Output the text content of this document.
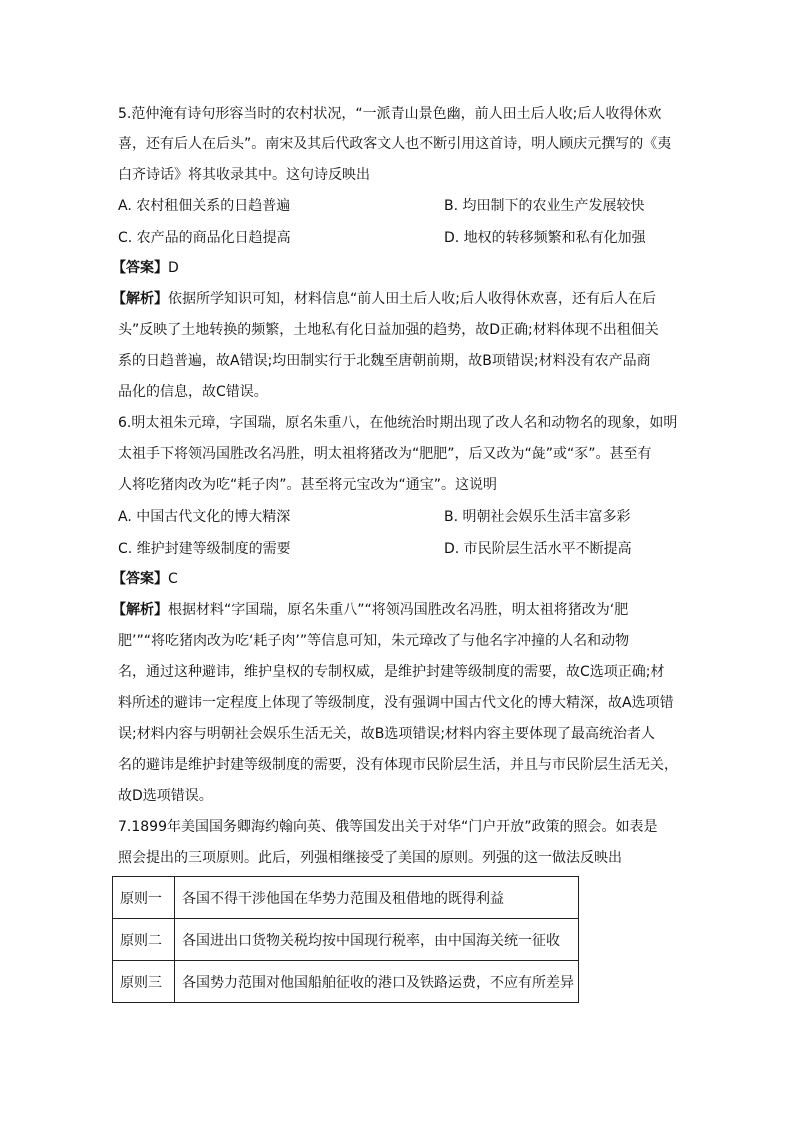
5.范仲淹有诗句形容当时的农村状况，“一派青山景色幽，前人田土后人收;后人收得休欢
喜，还有后人在后头”。南宋及其后代政客文人也不断引用这首诗，明人顾庆元撰写的《夷
白齐诗话》将其收录其中。这句诗反映出
A. 农村租佃关系的日趋普遍	B. 均田制下的农业生产发展较快
C. 农产品的商品化日趋提高	D. 地权的转移频繁和私有化加强
【答案】D
【解析】依据所学知识可知，材料信息“前人田土后人收;后人收得休欢喜，还有后人在后
头”反映了土地转换的频繁，土地私有化日益加强的趋势，故D正确;材料体现不出租佃关
系的日趋普遍，故A错误;均田制实行于北魏至唐朝前期，故B项错误;材料没有农产品商
品化的信息，故C错误。
6.明太祖朱元璋，字国瑞，原名朱重八，在他统治时期出现了改人名和动物名的现象，如明
太祖手下将领冯国胜改名冯胜，明太祖将猪改为“肥肥”，后又改为“彘”或“豕”。甚至有
人将吃猪肉改为吃“耗子肉”。甚至将元宝改为“通宝”。这说明
A. 中国古代文化的博大精深	B. 明朝社会娱乐生活丰富多彩
C. 维护封建等级制度的需要	D. 市民阶层生活水平不断提高
【答案】C
【解析】根据材料“字国瑞，原名朱重八”“将领冯国胜改名冯胜，明太祖将猪改为‘肥
肥’”“将吃猪肉改为吃‘耗子肉’”等信息可知，朱元璋改了与他名字冲撞的人名和动物
名，通过这种避讳，维护皇权的专制权威，是维护封建等级制度的需要，故C选项正确;材
料所述的避讳一定程度上体现了等级制度，没有强调中国古代文化的博大精深，故A选项错
误;材料内容与明朝社会娱乐生活无关，故B选项错误;材料内容主要体现了最高统治者人
名的避讳是维护封建等级制度的需要，没有体现市民阶层生活，并且与市民阶层生活无关，
故D选项错误。
7.1899年美国国务卿海约翰向英、俄等国发出关于对华“门户开放”政策的照会。如表是
照会提出的三项原则。此后，列强相继接受了美国的原则。列强的这一做法反映出
原则一	各国不得干涉他国在华势力范围及租借地的既得利益
原则二	各国进出口货物关税均按中国现行税率，由中国海关统一征收
原则三	各国势力范围对他国船舶征收的港口及铁路运费，不应有所差异
